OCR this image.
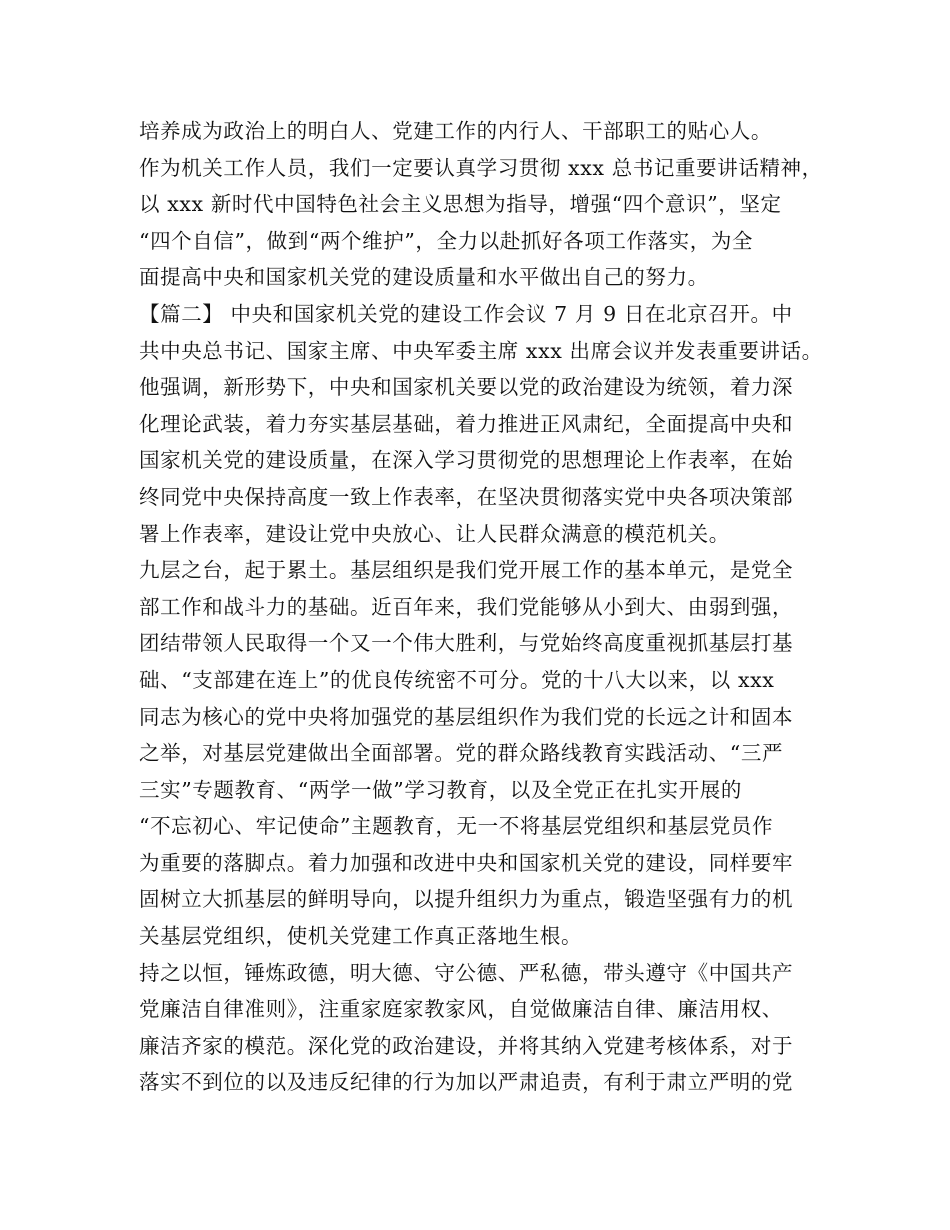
培养成为政治上的明白人、党建工作的内行人、干部职工的贴心人。
作为机关工作人员，我们一定要认真学习贯彻 xxx 总书记重要讲话精神，
以 xxx 新时代中国特色社会主义思想为指导，增强“四个意识”，坚定
“四个自信”，做到“两个维护”，全力以赴抓好各项工作落实，为全
面提高中央和国家机关党的建设质量和水平做出自己的努力。
【篇二】 中央和国家机关党的建设工作会议 7 月 9 日在北京召开。中
共中央总书记、国家主席、中央军委主席 xxx 出席会议并发表重要讲话。
他强调，新形势下，中央和国家机关要以党的政治建设为统领，着力深
化理论武装，着力夯实基层基础，着力推进正风肃纪，全面提高中央和
国家机关党的建设质量，在深入学习贯彻党的思想理论上作表率，在始
终同党中央保持高度一致上作表率，在坚决贯彻落实党中央各项决策部
署上作表率，建设让党中央放心、让人民群众满意的模范机关。
九层之台，起于累土。基层组织是我们党开展工作的基本单元，是党全
部工作和战斗力的基础。近百年来，我们党能够从小到大、由弱到强，
团结带领人民取得一个又一个伟大胜利，与党始终高度重视抓基层打基
础、“支部建在连上”的优良传统密不可分。党的十八大以来，以 xxx
同志为核心的党中央将加强党的基层组织作为我们党的长远之计和固本
之举，对基层党建做出全面部署。党的群众路线教育实践活动、“三严
三实”专题教育、“两学一做”学习教育，以及全党正在扎实开展的
“不忘初心、牢记使命”主题教育，无一不将基层党组织和基层党员作
为重要的落脚点。着力加强和改进中央和国家机关党的建设，同样要牢
固树立大抓基层的鲜明导向，以提升组织力为重点，锻造坚强有力的机
关基层党组织，使机关党建工作真正落地生根。
持之以恒，锤炼政德，明大德、守公德、严私德，带头遵守《中国共产
党廉洁自律准则》，注重家庭家教家风，自觉做廉洁自律、廉洁用权、
廉洁齐家的模范。深化党的政治建设，并将其纳入党建考核体系，对于
落实不到位的以及违反纪律的行为加以严肃追责，有利于肃立严明的党
